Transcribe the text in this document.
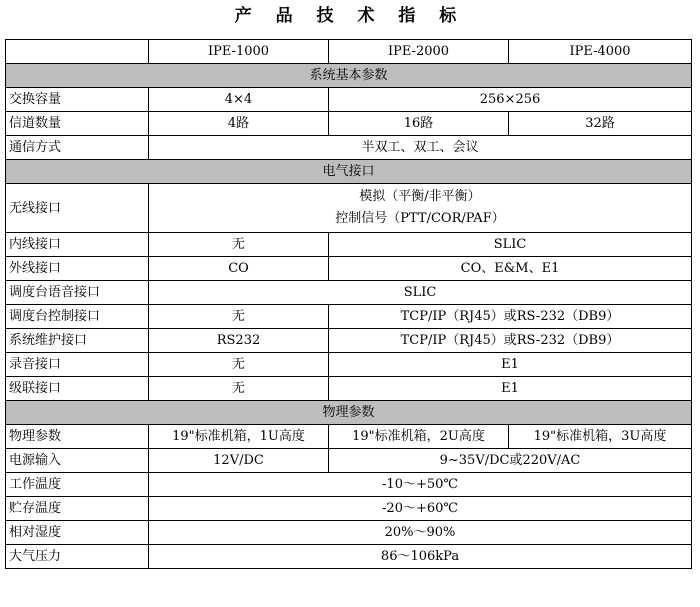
产 品 技 术 指 标
	IPE-1000	IPE-2000	IPE-4000
系统基本参数			
交换容量	4×4	256×256	
信道数量	4路	16路	32路
通信方式	半双工、双工、会议		
电气接口			
无线接口	模拟（平衡/非平衡）
控制信号（PTT/COR/PAF）		

内线接口	无	SLIC	
外线接口	CO	CO、E&M、E1	
调度台语音接口	SLIC		
调度台控制接口	无	TCP/IP（RJ45）或RS-232（DB9）	
系统维护接口	RS232	TCP/IP（RJ45）或RS-232（DB9）	
录音接口	无	E1	
级联接口	无	E1	
物理参数			
物理参数	19"标准机箱，1U高度	19"标准机箱，2U高度	19"标准机箱，3U高度
电源输入	12V/DC	9~35V/DC或220V/AC	
工作温度	-10～+50℃		
贮存温度	-20～+60℃		
相对湿度	20%～90%		
大气压力	86～106kPa		
